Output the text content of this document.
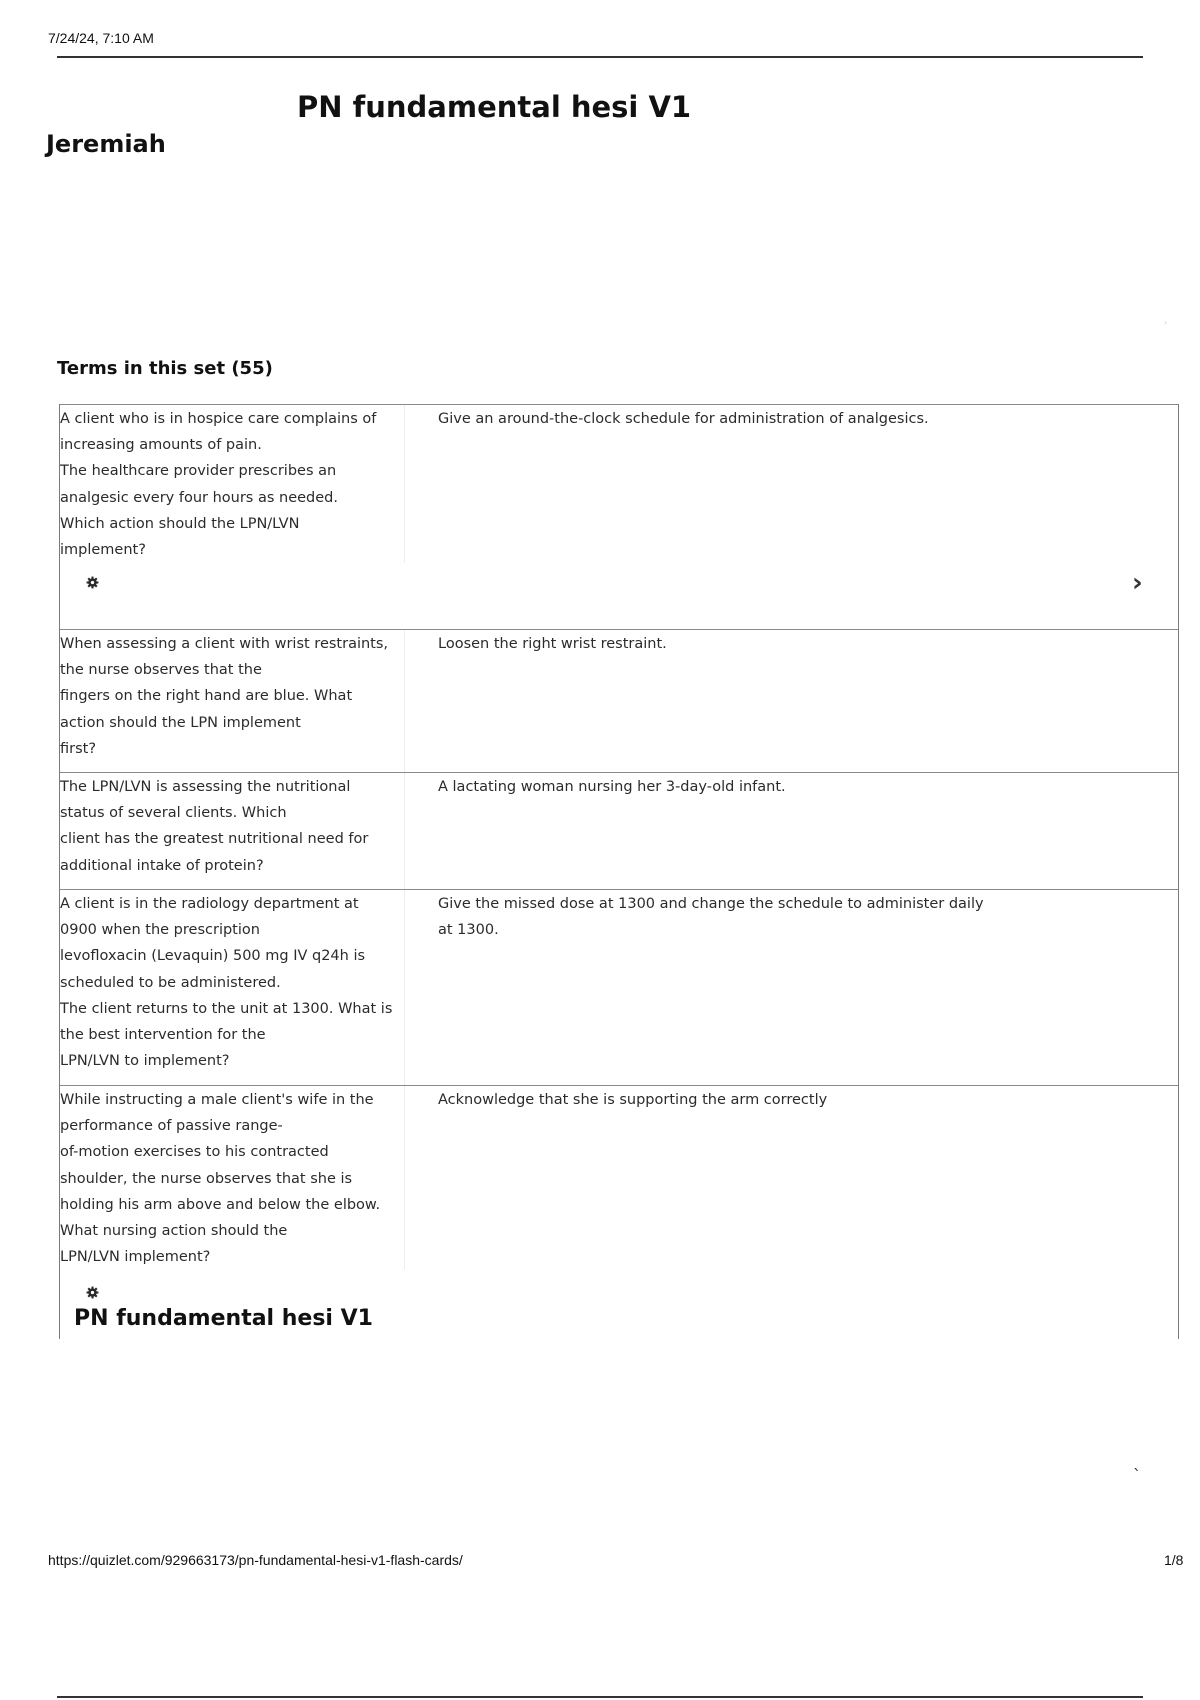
7/24/24, 7:10 AM
PN fundamental hesi V1
Jeremiah
›
Terms in this set (55)

A client who is in hospice care complains of
increasing amounts of pain.
The healthcare provider prescribes an
analgesic every four hours as needed.
Which action should the LPN/LVN
implement?

Give an around-the-clock schedule for administration of analgesics.

›

When assessing a client with wrist restraints,
the nurse observes that the
fingers on the right hand are blue. What
action should the LPN implement
first?

Loosen the right wrist restraint.

The LPN/LVN is assessing the nutritional
status of several clients. Which
client has the greatest nutritional need for
additional intake of protein?

A lactating woman nursing her 3-day-old infant.

A client is in the radiology department at
0900 when the prescription
levofloxacin (Levaquin) 500 mg IV q24h is
scheduled to be administered.
The client returns to the unit at 1300. What is
the best intervention for the
LPN/LVN to implement?

Give the missed dose at 1300 and change the schedule to administer daily
at 1300.

While instructing a male client's wife in the
performance of passive range-
of-motion exercises to his contracted
shoulder, the nurse observes that she is
holding his arm above and below the elbow.
What nursing action should the
LPN/LVN implement?

Acknowledge that she is supporting the arm correctly

PN fundamental hesi V1
`
https://quizlet.com/929663173/pn-fundamental-hesi-v1-flash-cards/	1/8
